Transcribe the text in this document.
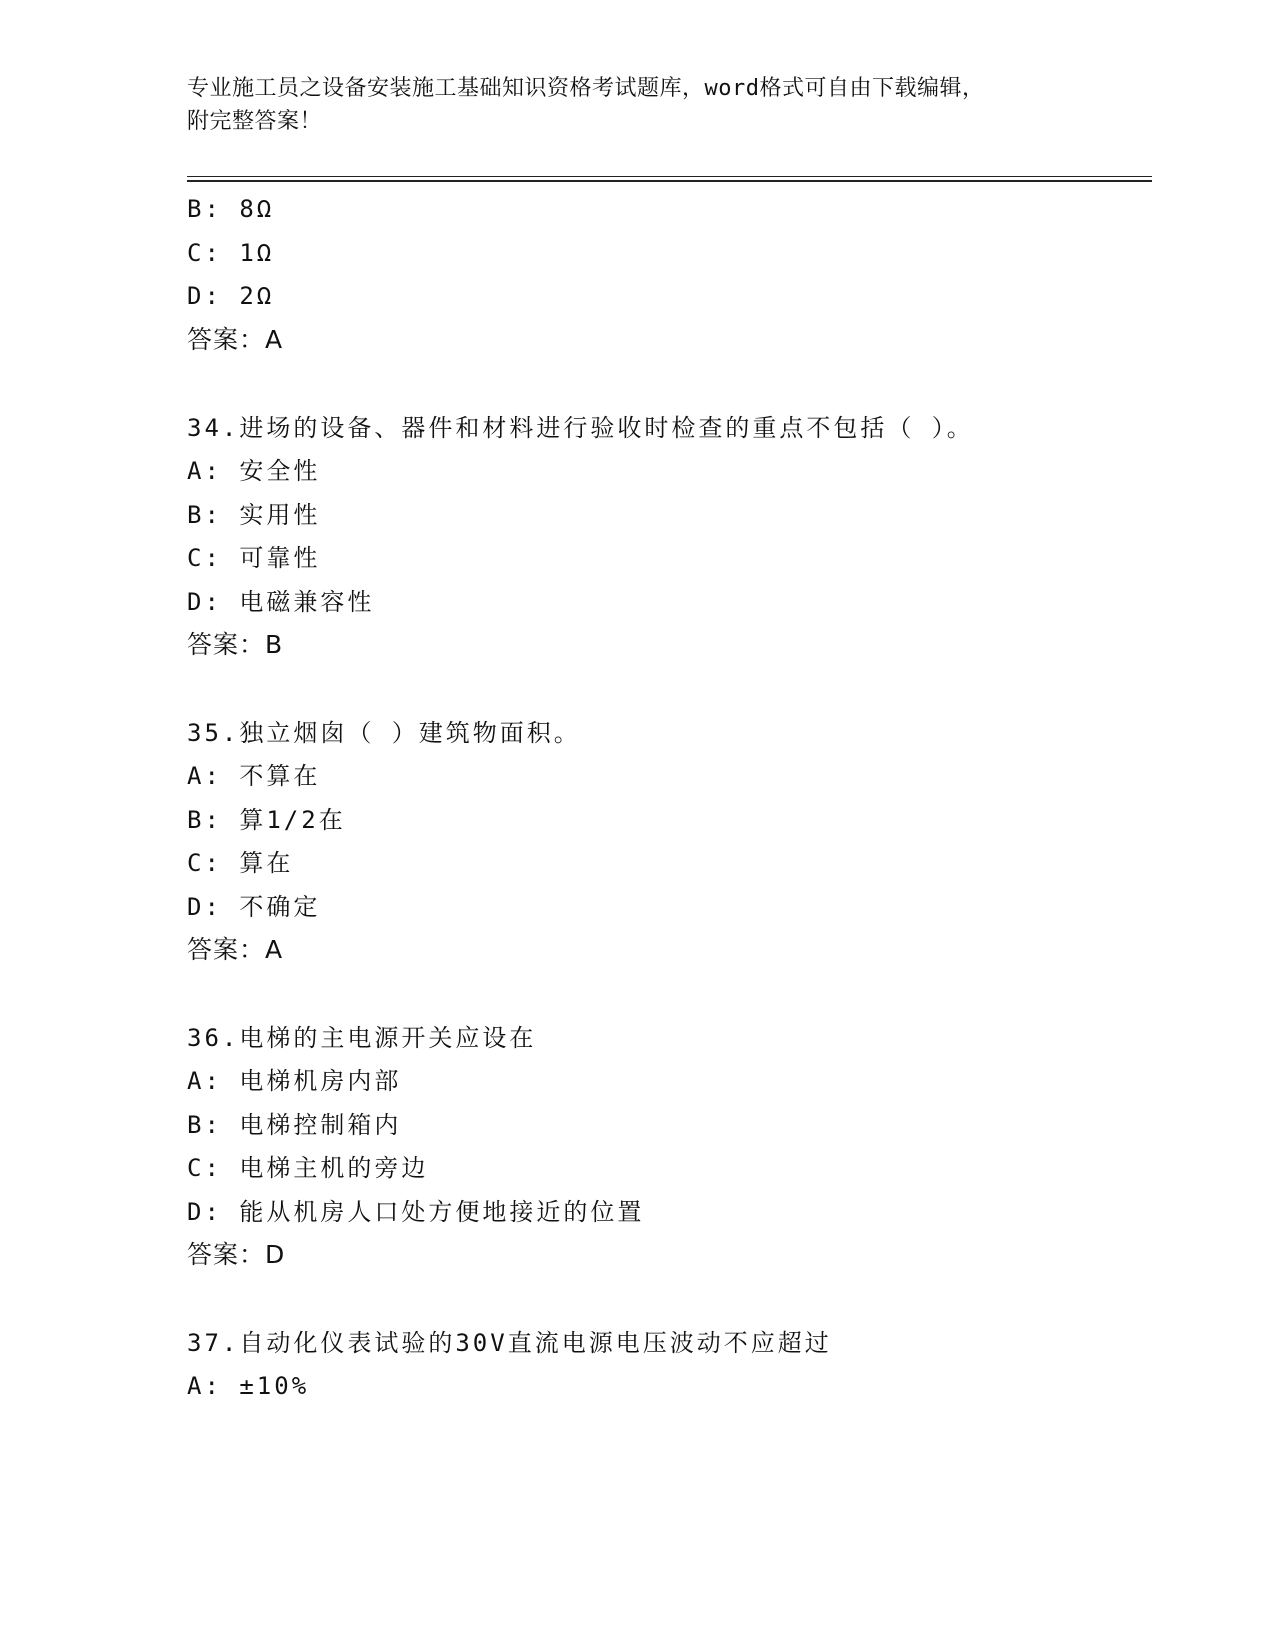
专业施工员之设备安装施工基础知识资格考试题库，word格式可自由下载编辑，
附完整答案！
B: 8Ω
C: 1Ω
D: 2Ω
答案：A
34.进场的设备、器件和材料进行验收时检查的重点不包括（ ）。
A: 安全性
B: 实用性
C: 可靠性
D: 电磁兼容性
答案：B
35.独立烟囱（ ）建筑物面积。
A: 不算在
B: 算1/2在
C: 算在
D: 不确定
答案：A
36.电梯的主电源开关应设在
A: 电梯机房内部
B: 电梯控制箱内
C: 电梯主机的旁边
D: 能从机房人口处方便地接近的位置
答案：D
37.自动化仪表试验的30V直流电源电压波动不应超过
A: ±10%
